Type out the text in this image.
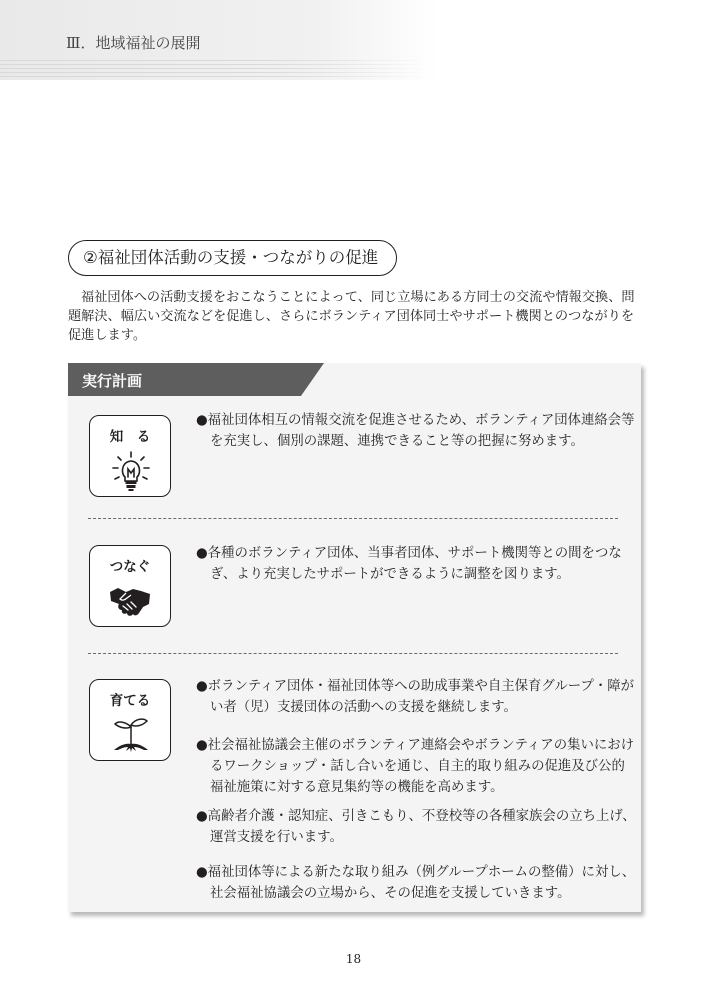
Ⅲ．地域福祉の展開
②福祉団体活動の支援・つながりの促進
福祉団体への活動支援をおこなうことによって、同じ立場にある方同士の交流や情報交換、問題解決、幅広い交流などを促進し、さらにボランティア団体同士やサポート機関とのつながりを促進します。
実行計画
知　る
●福祉団体相互の情報交流を促進させるため、ボランティア団体連絡会等を充実し、個別の課題、連携できること等の把握に努めます。
つなぐ
●各種のボランティア団体、当事者団体、サポート機関等との間をつなぎ、より充実したサポートができるように調整を図ります。
育てる
●ボランティア団体・福祉団体等への助成事業や自主保育グループ・障がい者（児）支援団体の活動への支援を継続します。
●社会福祉協議会主催のボランティア連絡会やボランティアの集いにおけるワークショップ・話し合いを通じ、自主的取り組みの促進及び公的福祉施策に対する意見集約等の機能を高めます。
●高齢者介護・認知症、引きこもり、不登校等の各種家族会の立ち上げ、運営支援を行います。
●福祉団体等による新たな取り組み（例グループホームの整備）に対し、社会福祉協議会の立場から、その促進を支援していきます。
18
